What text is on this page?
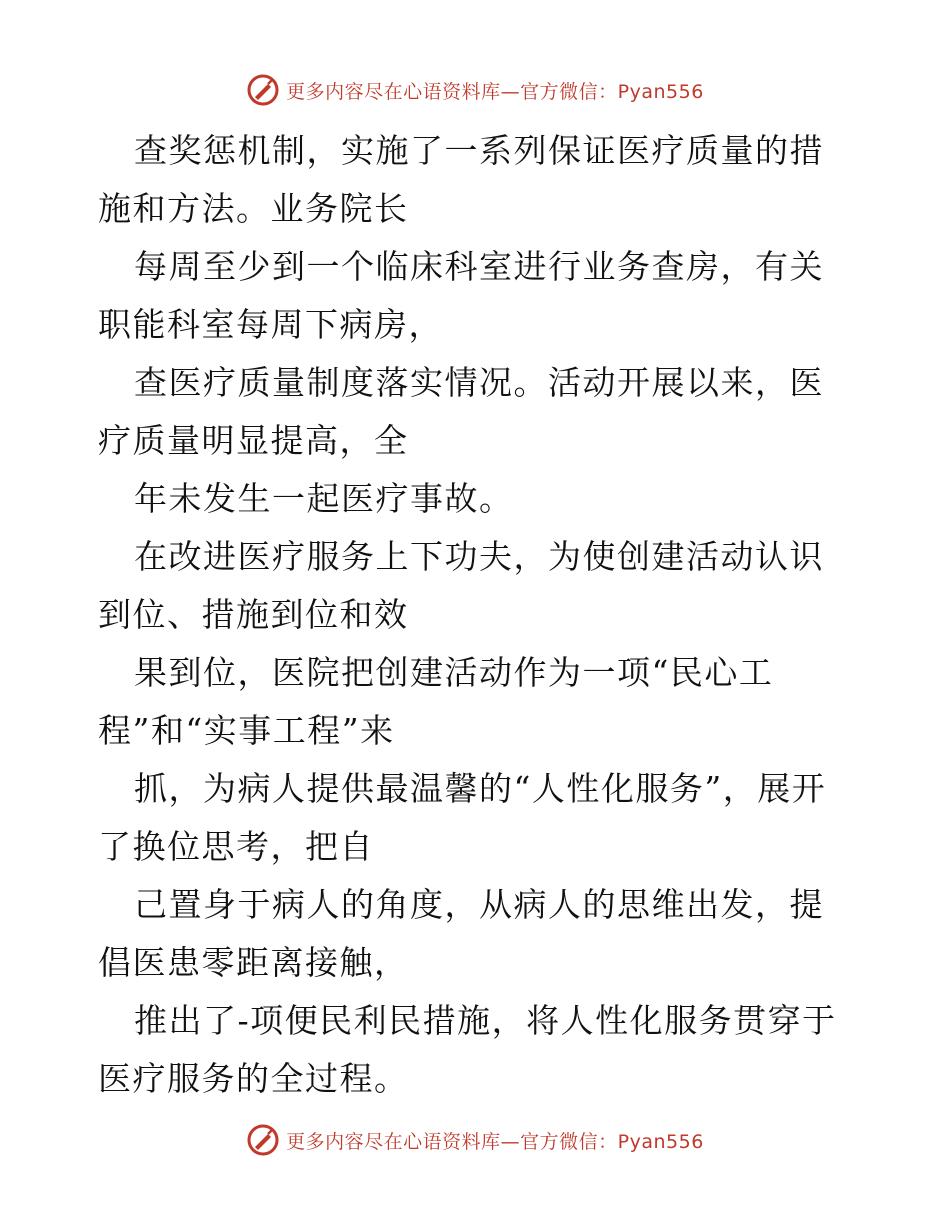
更多内容尽在心语资料库—官方微信：Pyan556

查奖惩机制，实施了一系列保证医疗质量的措施和方法。业务院长

每周至少到一个临床科室进行业务查房，有关职能科室每周下病房，

查医疗质量制度落实情况。活动开展以来，医疗质量明显提高，全

年未发生一起医疗事故。

在改进医疗服务上下功夫，为使创建活动认识到位、措施到位和效

果到位，医院把创建活动作为一项“民心工程”和“实事工程”来

抓，为病人提供最温馨的“人性化服务”，展开了换位思考，把自

己置身于病人的角度，从病人的思维出发，提倡医患零距离接触，

推出了-项便民利民措施，将人性化服务贯穿于医疗服务的全过程。

更多内容尽在心语资料库—官方微信：Pyan556
